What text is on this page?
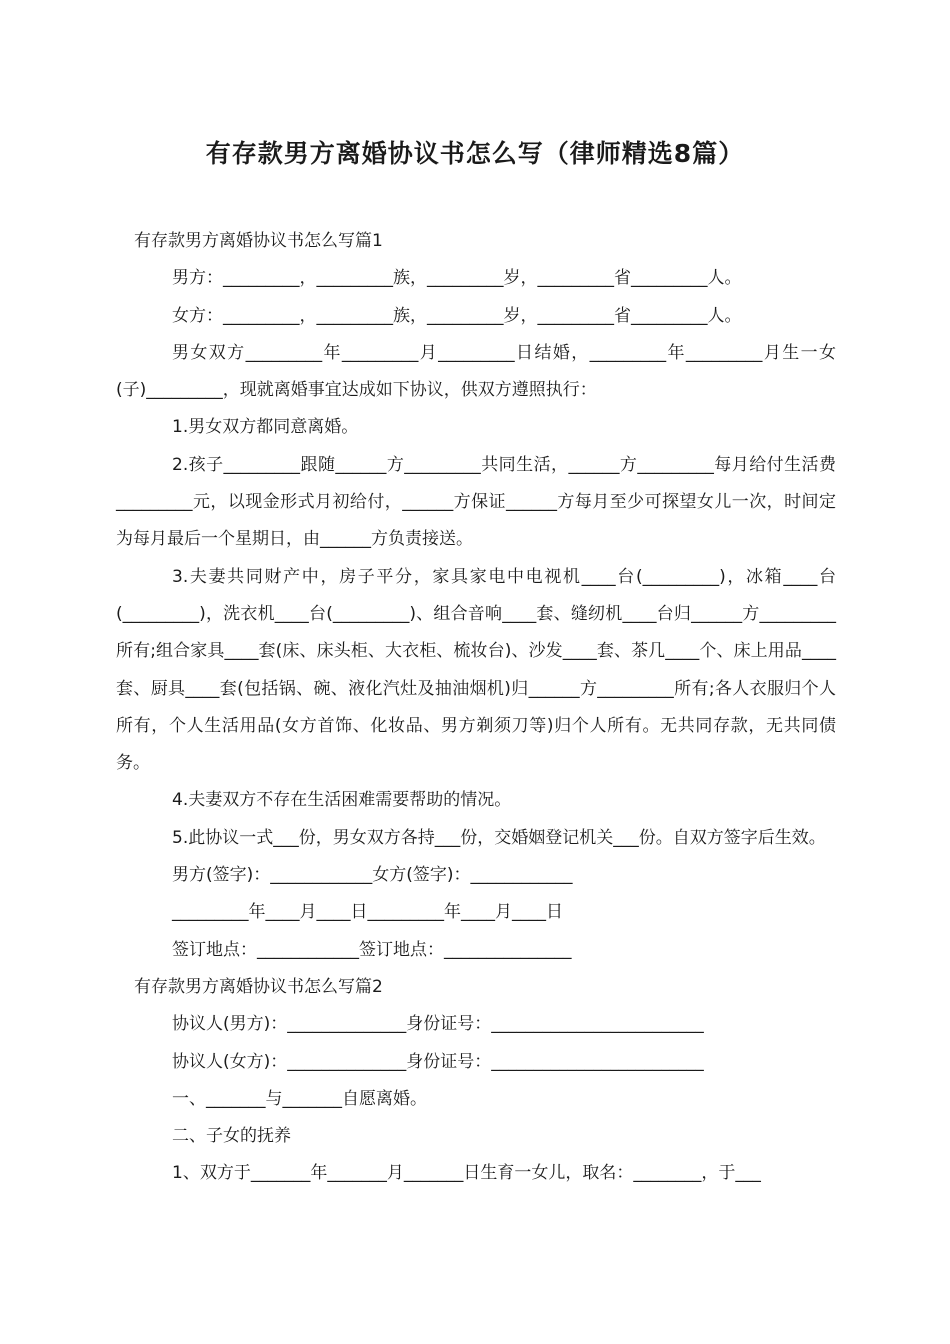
有存款男方离婚协议书怎么写（律师精选8篇）

有存款男方离婚协议书怎么写篇1

男方：_________，_________族，_________岁，_________省_________人。

女方：_________，_________族，_________岁，_________省_________人。

男女双方_________年_________月_________日结婚，_________年_________月生一女(子)_________，现就离婚事宜达成如下协议，供双方遵照执行：

1.男女双方都同意离婚。

2.孩子_________跟随______方_________共同生活，______方_________每月给付生活费_________元，以现金形式月初给付，______方保证______方每月至少可探望女儿一次，时间定为每月最后一个星期日，由______方负责接送。

3.夫妻共同财产中，房子平分，家具家电中电视机____台(_________)，冰箱____台(_________)，洗衣机____台(_________)、组合音响____套、缝纫机____台归______方_________所有;组合家具____套(床、床头柜、大衣柜、梳妆台)、沙发____套、茶几____个、床上用品____套、厨具____套(包括锅、碗、液化汽灶及抽油烟机)归______方_________所有;各人衣服归个人所有，个人生活用品(女方首饰、化妆品、男方剃须刀等)归个人所有。无共同存款，无共同债务。

4.夫妻双方不存在生活困难需要帮助的情况。

5.此协议一式___份，男女双方各持___份，交婚姻登记机关___份。自双方签字后生效。

男方(签字)：____________女方(签字)：____________

_________年____月____日_________年____月____日

签订地点：____________签订地点：_______________

有存款男方离婚协议书怎么写篇2

协议人(男方)：______________身份证号：_________________________

协议人(女方)：______________身份证号：_________________________

一、_______与_______自愿离婚。

二、子女的抚养

1、双方于_______年_______月_______日生育一女儿，取名：________，于___
